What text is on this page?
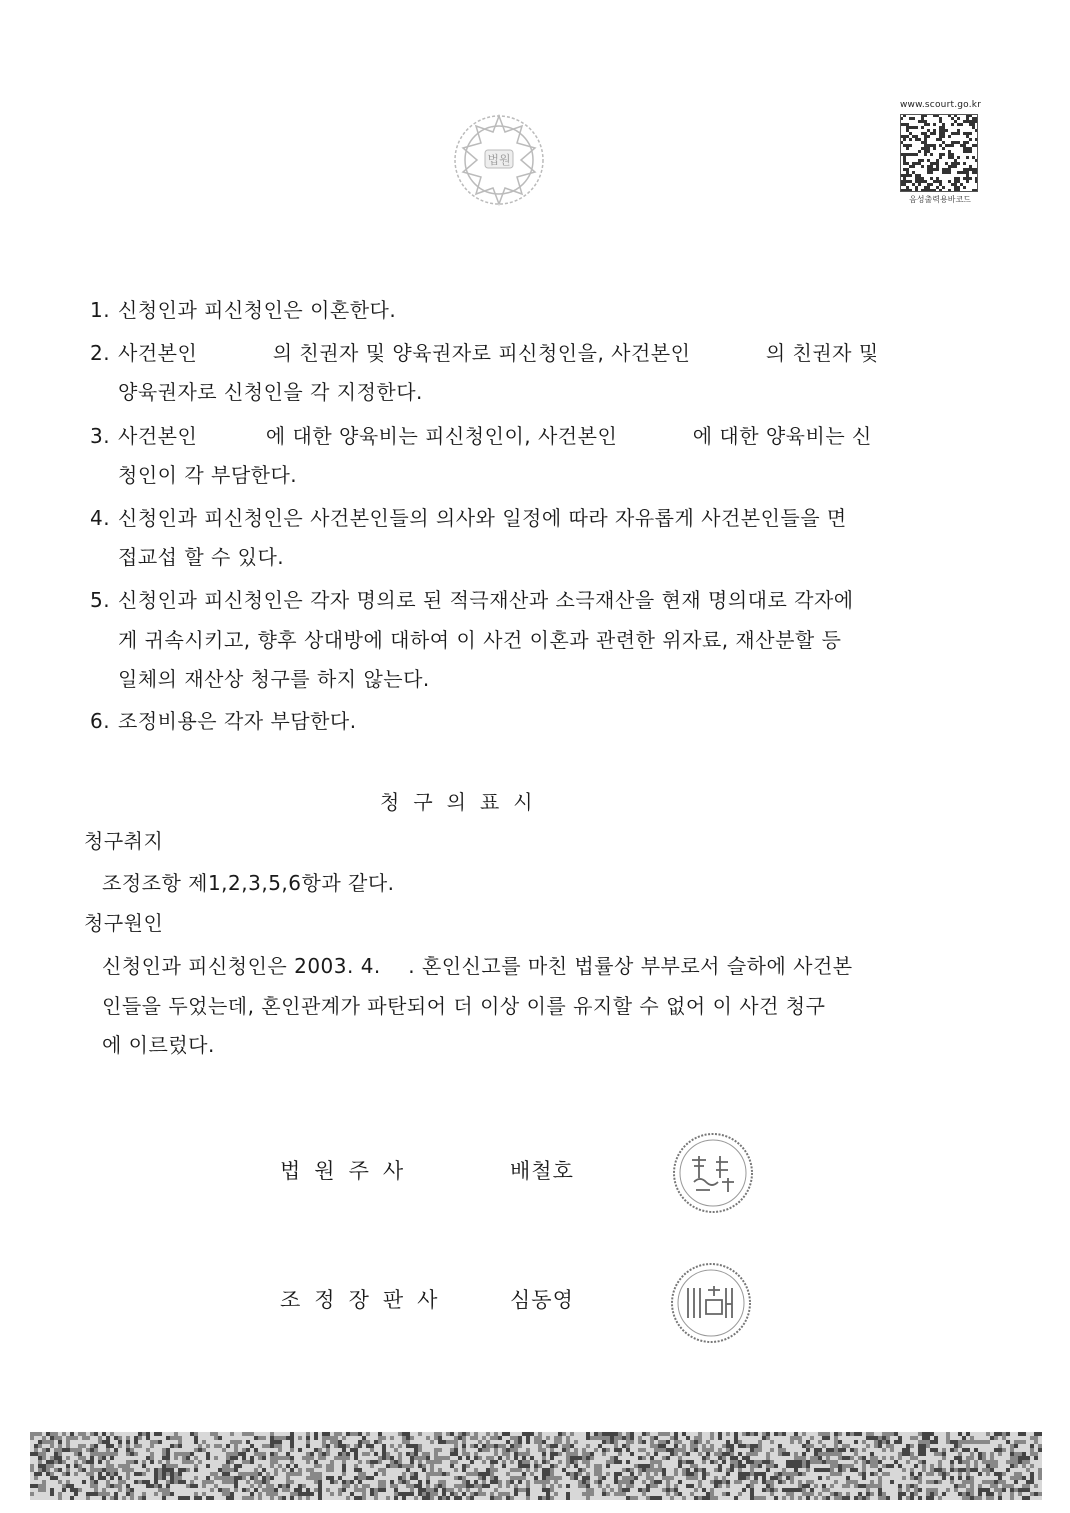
법원
www.scourt.go.kr
음성출력용바코드
1. 신청인과 피신청인은 이혼한다.
2. 사건본인           의 친권자 및 양육권자로 피신청인을, 사건본인           의 친권자 및
양육권자로 신청인을 각 지정한다.
3. 사건본인          에 대한 양육비는 피신청인이, 사건본인           에 대한 양육비는 신
청인이 각 부담한다.
4. 신청인과 피신청인은 사건본인들의 의사와 일정에 따라 자유롭게 사건본인들을 면
접교섭 할 수 있다.
5. 신청인과 피신청인은 각자 명의로 된 적극재산과 소극재산을 현재 명의대로 각자에
게 귀속시키고, 향후 상대방에 대하여 이 사건 이혼과 관련한 위자료, 재산분할 등
일체의 재산상 청구를 하지 않는다.
6. 조정비용은 각자 부담한다.
청구의표시
청구취지
조정조항 제1,2,3,5,6항과 같다.
청구원인
신청인과 피신청인은 2003. 4.    . 혼인신고를 마친 법률상 부부로서 슬하에 사건본
인들을 두었는데, 혼인관계가 파탄되어 더 이상 이를 유지할 수 없어 이 사건 청구
에 이르렀다.
법원주사	배철호
조정장판사	심동영
